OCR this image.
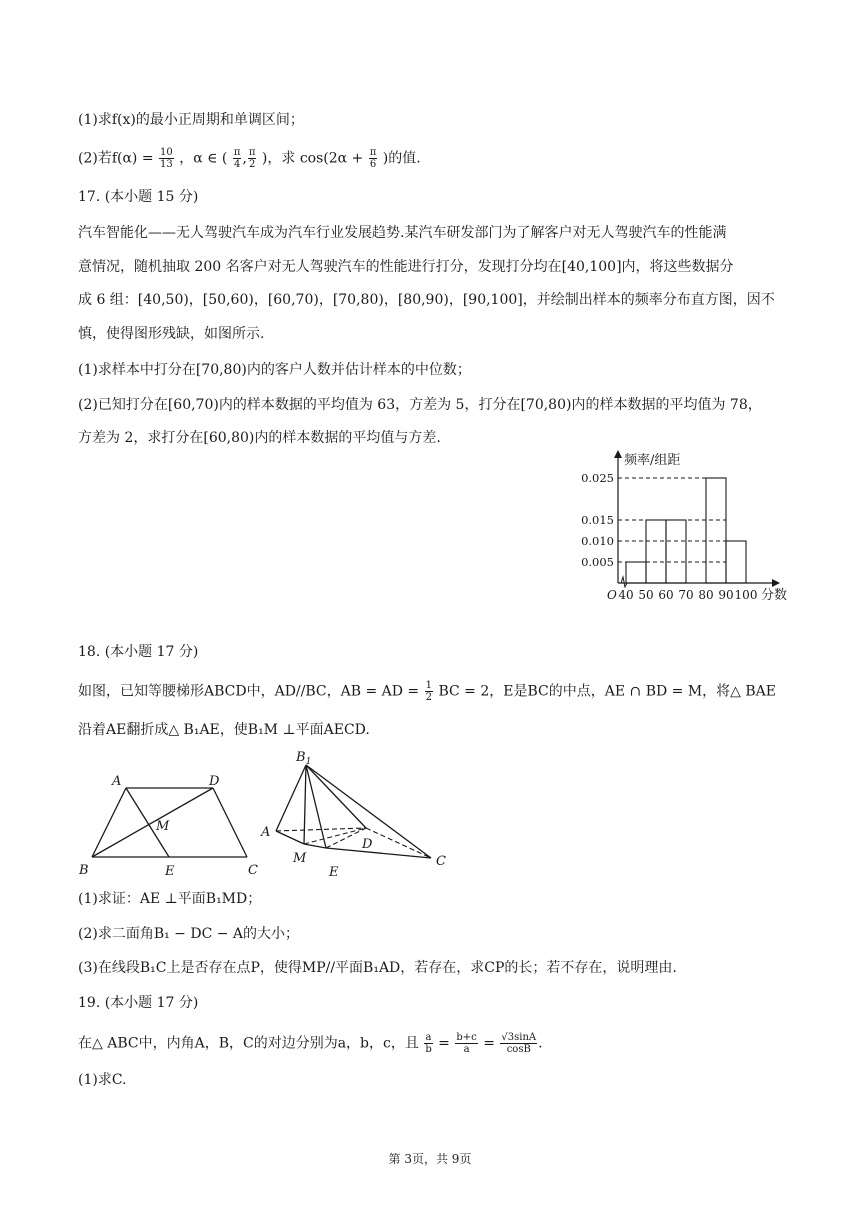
(1)求f(x)的最小正周期和单调区间；
(2)若$f(\alpha) = \frac{10}{13}$ ，α ∈ ( $\frac{\pi}{4}$ , $\frac{\pi}{2}$ )，求 $\cos(2\alpha + \frac{\pi}{6}$ )的值.
17. (本小题 15 分)
汽车智能化——无人驾驶汽车成为汽车行业发展趋势.某汽车研发部门为了解客户对无人驾驶汽车的性能满
意情况，随机抽取 200 名客户对无人驾驶汽车的性能进行打分，发现打分均在[40,100]内，将这些数据分
成 6 组：[40,50)，[50,60)，[60,70)，[70,80)，[80,90)，[90,100]，并绘制出样本的频率分布直方图，因不
慎，使得图形残缺，如图所示.
(1)求样本中打分在[70,80)内的客户人数并估计样本的中位数；
(2)已知打分在[60,70)内的样本数据的平均值为 63，方差为 5，打分在[70,80)内的样本数据的平均值为 78，
方差为 2，求打分在[60,80)内的样本数据的平均值与方差.
0.005
0.010
0.015
0.025
40 50 60 70 80 90 100
O	分数
频率/组距
18. (本小题 17 分)
如图，已知等腰梯形ABCD中，AD//BC，AB = AD = $\frac{1}{2}$ BC = 2，E是BC的中点，AE ∩ BD = M，将△ BAE
沿着AE翻折成△ B₁AE，使B₁M ⊥平面AECD.
A	D
M
B	E	C
$B_1$
A
D
M
E
C
(1)求证：AE ⊥平面B₁MD；
(2)求二面角B₁ − DC − A的大小；
(3)在线段B₁C上是否存在点P，使得MP//平面B₁AD，若存在，求CP的长；若不存在，说明理由.
19. (本小题 17 分)
在△ ABC中，内角A，B，C的对边分别为a，b，c，且 $\frac{a}{b} = \frac{b+c}{a} = \frac{√3\sin A}{\cos B}$ .
(1)求C.
第 3页，共 9页
